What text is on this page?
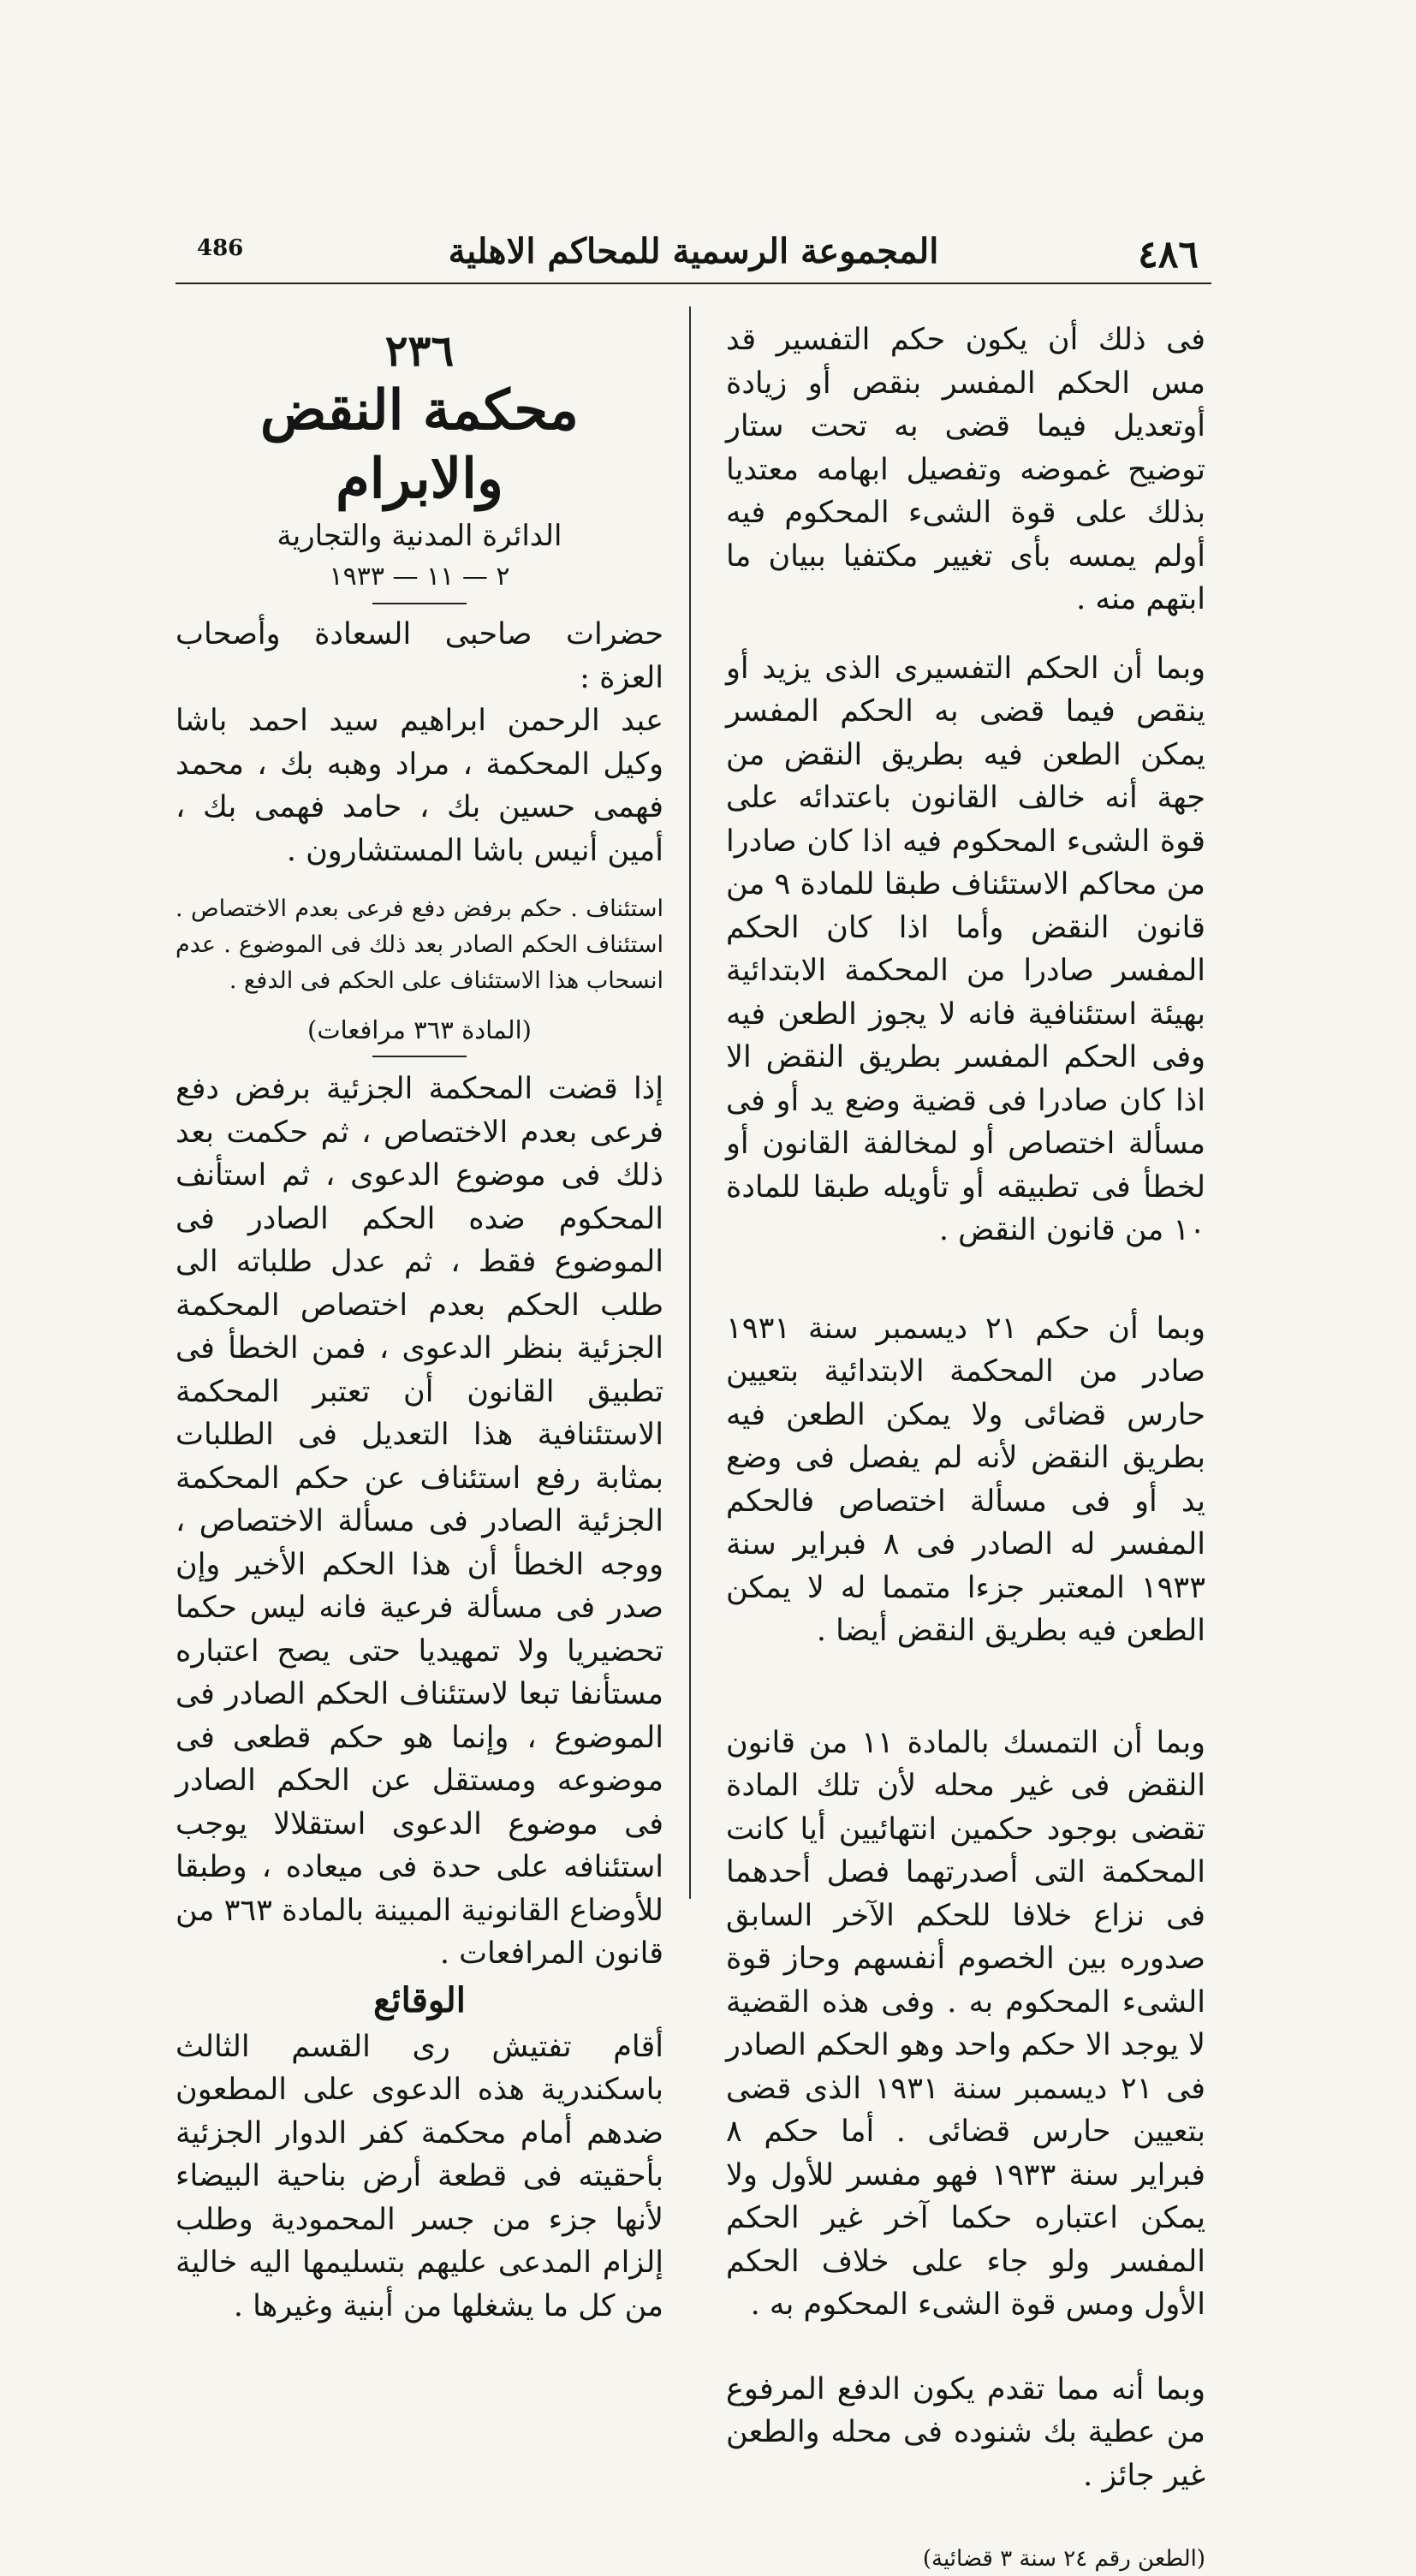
486	المجموعة الرسمية للمحاكم الاهلية	٤٨٦

فى ذلك أن يكون حكم التفسير قد مس الحكم المفسر بنقص أو زيادة أوتعديل فيما قضى به تحت ستار توضيح غموضه وتفصيل ابهامه معتديا بذلك على قوة الشىء المحكوم فيه أولم يمسه بأى تغيير مكتفيا ببيان ما ابتهم منه .

وبما أن الحكم التفسيرى الذى يزيد أو ينقص فيما قضى به الحكم المفسر يمكن الطعن فيه بطريق النقض من جهة أنه خالف القانون باعتدائه على قوة الشىء المحكوم فيه اذا كان صادرا من محاكم الاستئناف طبقا للمادة ٩ من قانون النقض وأما اذا كان الحكم المفسر صادرا من المحكمة الابتدائية بهيئة استئنافية فانه لا يجوز الطعن فيه وفى الحكم المفسر بطريق النقض الا اذا كان صادرا فى قضية وضع يد أو فى مسألة اختصاص أو لمخالفة القانون أو لخطأ فى تطبيقه أو تأويله طبقا للمادة ١٠ من قانون النقض .

وبما أن حكم ٢١ ديسمبر سنة ١٩٣١ صادر من المحكمة الابتدائية بتعيين حارس قضائى ولا يمكن الطعن فيه بطريق النقض لأنه لم يفصل فى وضع يد أو فى مسألة اختصاص فالحكم المفسر له الصادر فى ٨ فبراير سنة ١٩٣٣ المعتبر جزءا متمما له لا يمكن الطعن فيه بطريق النقض أيضا .

وبما أن التمسك بالمادة ١١ من قانون النقض فى غير محله لأن تلك المادة تقضى بوجود حكمين انتهائيين أيا كانت المحكمة التى أصدرتهما فصل أحدهما فى نزاع خلافا للحكم الآخر السابق صدوره بين الخصوم أنفسهم وحاز قوة الشىء المحكوم به . وفى هذه القضية لا يوجد الا حكم واحد وهو الحكم الصادر فى ٢١ ديسمبر سنة ١٩٣١ الذى قضى بتعيين حارس قضائى . أما حكم ٨ فبراير سنة ١٩٣٣ فهو مفسر للأول ولا يمكن اعتباره حكما آخر غير الحكم المفسر ولو جاء على خلاف الحكم الأول ومس قوة الشىء المحكوم به .

وبما أنه مما تقدم يكون الدفع المرفوع من عطية بك شنوده فى محله والطعن غير جائز .

(الطعن رقم ٢٤ سنة ٣ قضائية)

٢٣٦

محكمة النقض والابرام

الدائرة المدنية والتجارية

٢ — ١١ — ١٩٣٣

حضرات صاحبى السعادة وأصحاب العزة :

عبد الرحمن ابراهيم سيد احمد باشا وكيل المحكمة ، مراد وهبه بك ، محمد فهمى حسين بك ، حامد فهمى بك ، أمين أنيس باشا المستشارون .

استئناف . حكم برفض دفع فرعى بعدم الاختصاص . استئناف الحكم الصادر بعد ذلك فى الموضوع . عدم انسحاب هذا الاستئناف على الحكم فى الدفع .

(المادة ٣٦٣ مرافعات)

إذا قضت المحكمة الجزئية برفض دفع فرعى بعدم الاختصاص ، ثم حكمت بعد ذلك فى موضوع الدعوى ، ثم استأنف المحكوم ضده الحكم الصادر فى الموضوع فقط ، ثم عدل طلباته الى طلب الحكم بعدم اختصاص المحكمة الجزئية بنظر الدعوى ، فمن الخطأ فى تطبيق القانون أن تعتبر المحكمة الاستئنافية هذا التعديل فى الطلبات بمثابة رفع استئناف عن حكم المحكمة الجزئية الصادر فى مسألة الاختصاص ، ووجه الخطأ أن هذا الحكم الأخير وإن صدر فى مسألة فرعية فانه ليس حكما تحضيريا ولا تمهيديا حتى يصح اعتباره مستأنفا تبعا لاستئناف الحكم الصادر فى الموضوع ، وإنما هو حكم قطعى فى موضوعه ومستقل عن الحكم الصادر فى موضوع الدعوى استقلالا يوجب استئنافه على حدة فى ميعاده ، وطبقا للأوضاع القانونية المبينة بالمادة ٣٦٣ من قانون المرافعات .

الوقائع

أقام تفتيش رى القسم الثالث باسكندرية هذه الدعوى على المطعون ضدهم أمام محكمة كفر الدوار الجزئية بأحقيته فى قطعة أرض بناحية البيضاء لأنها جزء من جسر المحمودية وطلب إلزام المدعى عليهم بتسليمها اليه خالية من كل ما يشغلها من أبنية وغيرها .
